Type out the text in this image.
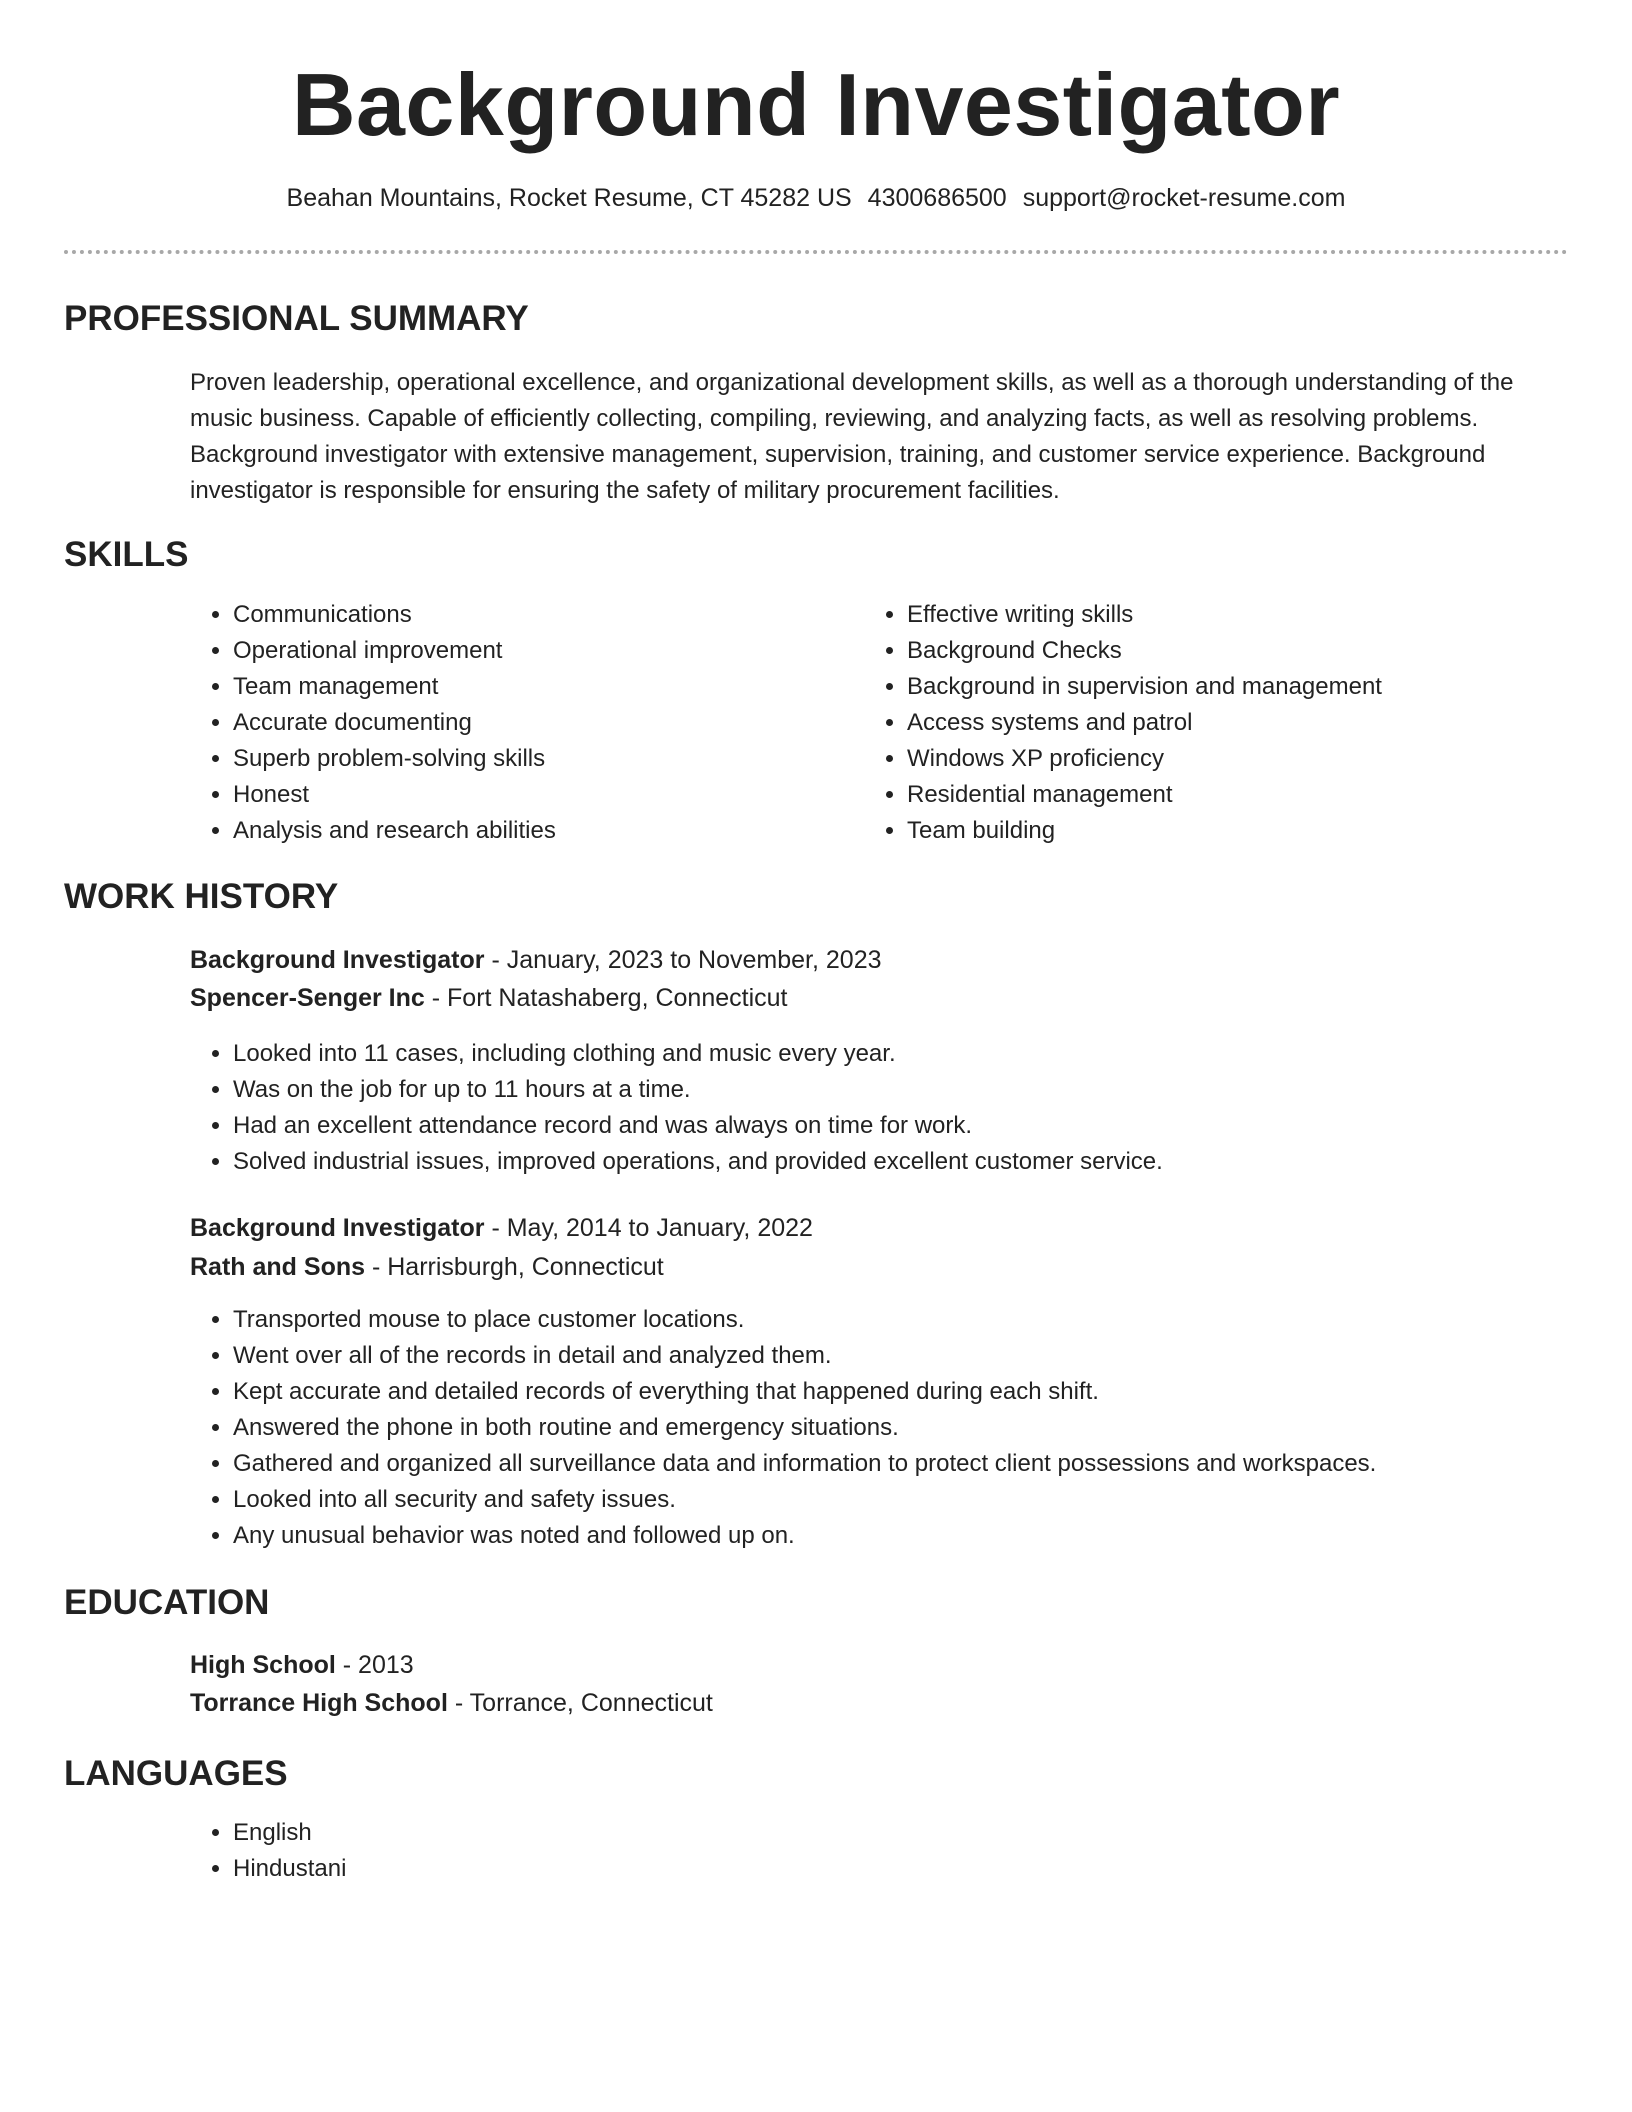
Background Investigator
Beahan Mountains, Rocket Resume, CT 45282 US 4300686500 support@rocket-resume.com
PROFESSIONAL SUMMARY

Proven leadership, operational excellence, and organizational development skills, as well as a thorough understanding of the music business. Capable of efficiently collecting, compiling, reviewing, and analyzing facts, as well as resolving problems. Background investigator with extensive management, supervision, training, and customer service experience. Background investigator is responsible for ensuring the safety of military procurement facilities.

SKILLS
• Communications
• Operational improvement
• Team management
• Accurate documenting
• Superb problem-solving skills
• Honest
• Analysis and research abilities
• Effective writing skills
• Background Checks
• Background in supervision and management
• Access systems and patrol
• Windows XP proficiency
• Residential management
• Team building
WORK HISTORY
Background Investigator - January, 2023 to November, 2023
Spencer-Senger Inc - Fort Natashaberg, Connecticut
• Looked into 11 cases, including clothing and music every year.
• Was on the job for up to 11 hours at a time.
• Had an excellent attendance record and was always on time for work.
• Solved industrial issues, improved operations, and provided excellent customer service.
Background Investigator - May, 2014 to January, 2022
Rath and Sons - Harrisburgh, Connecticut
• Transported mouse to place customer locations.
• Went over all of the records in detail and analyzed them.
• Kept accurate and detailed records of everything that happened during each shift.
• Answered the phone in both routine and emergency situations.
• Gathered and organized all surveillance data and information to protect client possessions and workspaces.
• Looked into all security and safety issues.
• Any unusual behavior was noted and followed up on.
EDUCATION
High School - 2013
Torrance High School - Torrance, Connecticut
LANGUAGES
• English
• Hindustani
